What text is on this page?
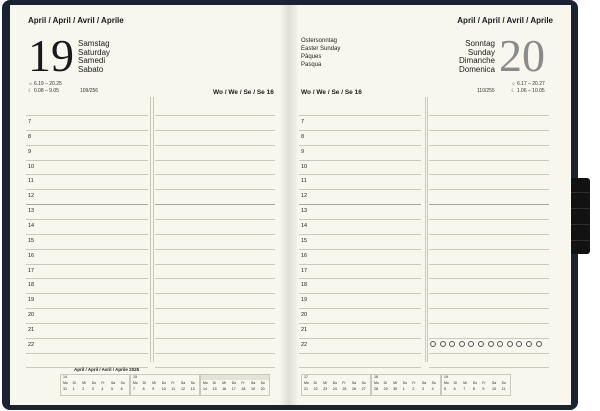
April / April / Avril / Aprile
19 Samstag
Saturday
Samedi
Sabato
☼ 6.19 – 20.25
☾ 0.08 – 9.05	109/256	Wo / We / Se / Se 16
7
8
9
10
11
12
13
14
15
16
17
18
19
20
21
22
April / April / Avril / Aprile 2025
14
Mo Di Mi Do Fr Sa So
31 1 2 3 4 5 6
15
Mo Di Mi Do Fr Sa So
7 8 9 10 11 12 13
Mo Di Mi Do Fr Sa So
14 15 16 17 18 19 20
April / April / Avril / Aprile
Ostersonntag
Easter Sunday
Pâques
Pasqua
Sonntag
Sunday
Dimanche
Domenica 20
☼ 6.17 – 20.27
☾ 1.06 – 10.05
110/255
Wo / We / Se / Se 16
7
8
9
10
11
12
13
14
15
16
17
18
19
20
21
22
17
Mo Di Mi Do Fr Sa So
21 22 23 24 25 26 27
18
Mo Di Mi Do Fr Sa So
28 29 30 1 2 3 4
19
Mo Di Mi Do Fr Sa So
5 6 7 8 9 10 11
